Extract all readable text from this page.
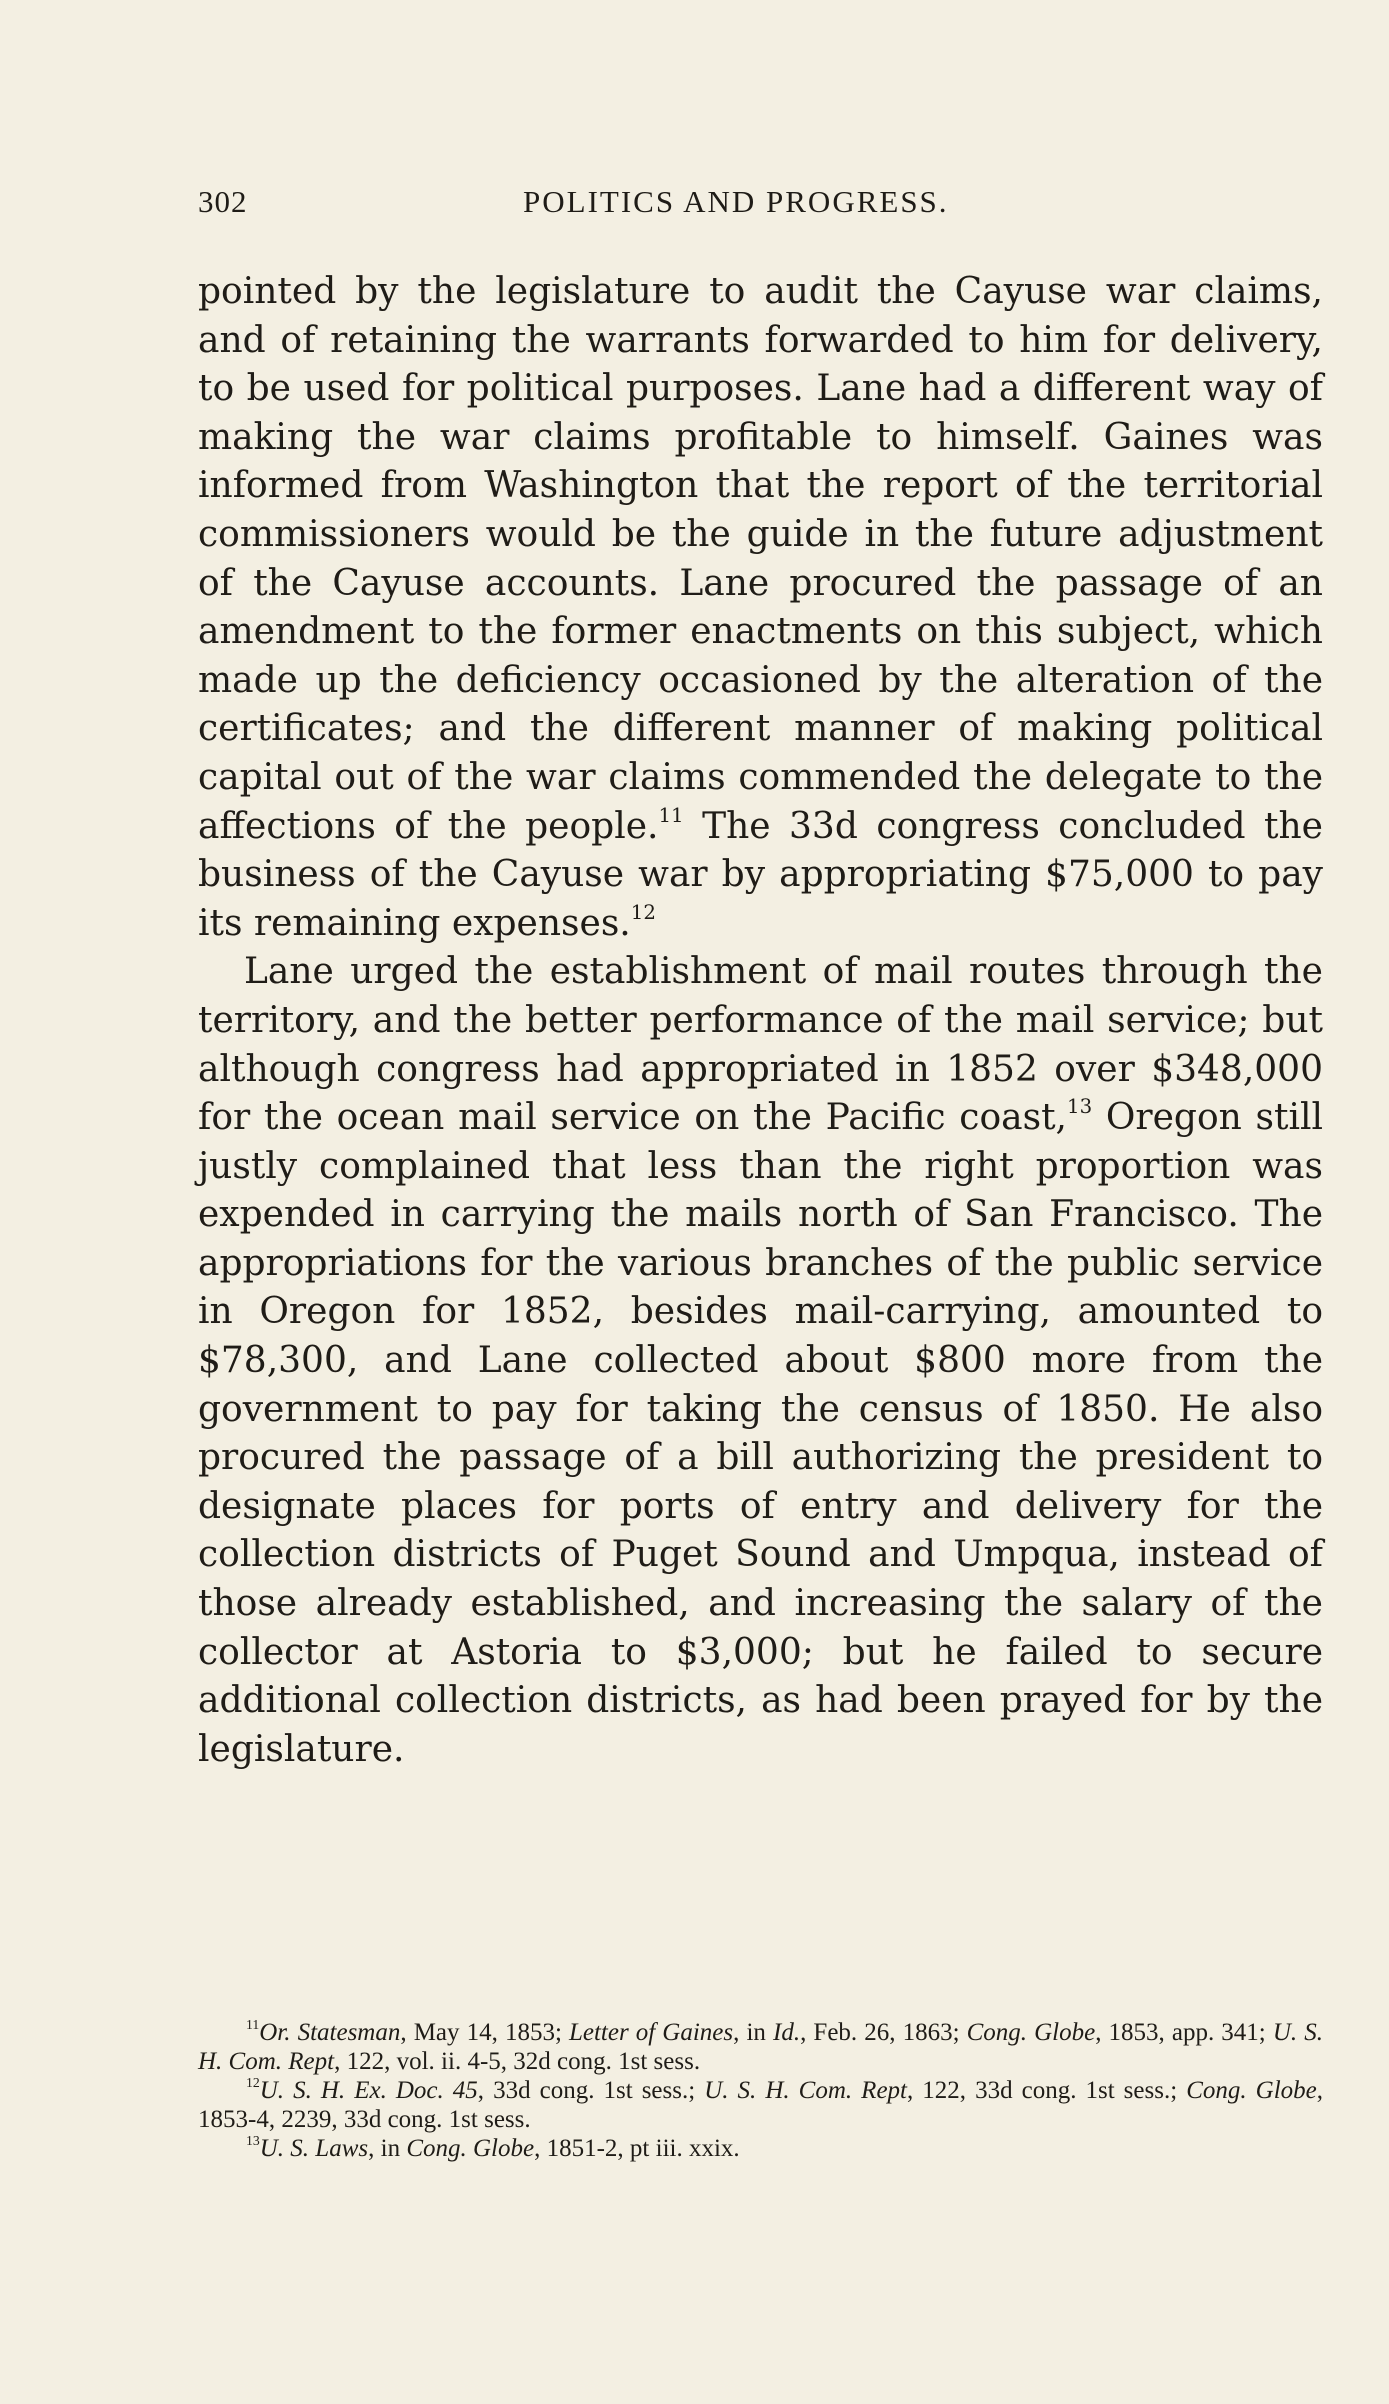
302	POLITICS AND PROGRESS.

pointed by the legislature to audit the Cayuse war claims, and of retaining the warrants forwarded to him for delivery, to be used for political purposes. Lane had a different way of making the war claims profitable to himself. Gaines was informed from Washington that the report of the territorial commissioners would be the guide in the future adjustment of the Cayuse accounts. Lane procured the passage of an amendment to the former enactments on this subject, which made up the deficiency occasioned by the alteration of the certificates; and the different manner of making political capital out of the war claims commended the delegate to the affections of the people.$^{11}$ The 33d congress concluded the business of the Cayuse war by appropriating $75,000 to pay its remaining expenses.$^{12}$

Lane urged the establishment of mail routes through the territory, and the better performance of the mail service; but although congress had appropriated in 1852 over $348,000 for the ocean mail service on the Pacific coast,$^{13}$ Oregon still justly complained that less than the right proportion was expended in carrying the mails north of San Francisco. The appropriations for the various branches of the public service in Oregon for 1852, besides mail-carrying, amounted to $78,300, and Lane collected about $800 more from the government to pay for taking the census of 1850. He also procured the passage of a bill authorizing the president to designate places for ports of entry and delivery for the collection districts of Puget Sound and Umpqua, instead of those already established, and increasing the salary of the collector at Astoria to $3,000; but he failed to secure additional collection districts, as had been prayed for by the legislature.

$^{11}$Or. Statesman, May 14, 1853; Letter of Gaines, in Id., Feb. 26, 1863; Cong. Globe, 1853, app. 341; U. S. H. Com. Rept, 122, vol. ii. 4-5, 32d cong. 1st sess.

$^{12}$U. S. H. Ex. Doc. 45, 33d cong. 1st sess.; U. S. H. Com. Rept, 122, 33d cong. 1st sess.; Cong. Globe, 1853-4, 2239, 33d cong. 1st sess.

$^{13}$U. S. Laws, in Cong. Globe, 1851-2, pt iii. xxix.
